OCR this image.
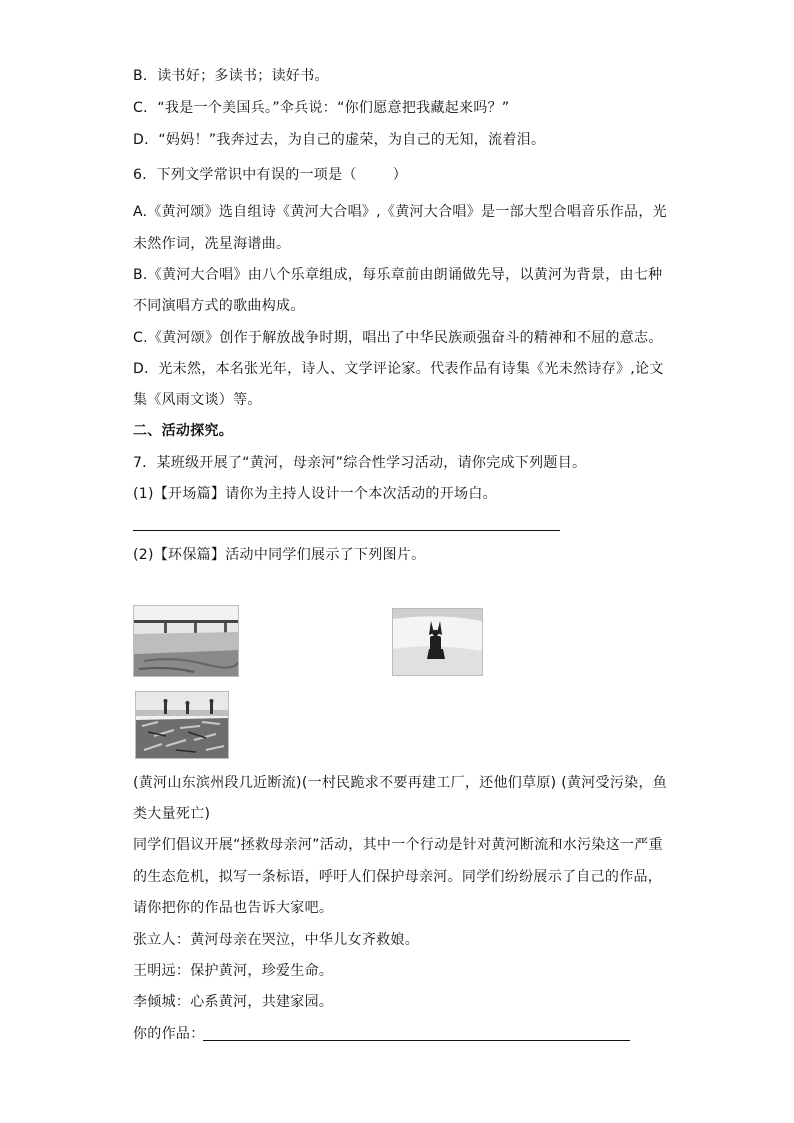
B．读书好；多读书；读好书。
C．“我是一个美国兵。”伞兵说：“你们愿意把我藏起来吗？”
D．“妈妈！”我奔过去，为自己的虚荣，为自己的无知，流着泪。
6．下列文学常识中有误的一项是（	）
A.《黄河颂》选自组诗《黄河大合唱》,《黄河大合唱》是一部大型合唱音乐作品，光
未然作词，冼星海谱曲。
B.《黄河大合唱》由八个乐章组成，每乐章前由朗诵做先导，以黄河为背景，由七种
不同演唱方式的歌曲构成。
C.《黄河颂》创作于解放战争时期，唱出了中华民族顽强奋斗的精神和不屈的意志。
D．光未然，本名张光年，诗人、文学评论家。代表作品有诗集《光未然诗存》,论文
集《风雨文谈）等。
二、活动探究。
7．某班级开展了“黄河，母亲河”综合性学习活动，请你完成下列题目。
(1)【开场篇】请你为主持人设计一个本次活动的开场白。
(2)【环保篇】活动中同学们展示了下列图片。
(黄河山东滨州段几近断流)(一村民跪求不要再建工厂，还他们草原) (黄河受污染，鱼
类大量死亡)
同学们倡议开展“拯救母亲河”活动，其中一个行动是针对黄河断流和水污染这一严重
的生态危机，拟写一条标语，呼吁人们保护母亲河。同学们纷纷展示了自己的作品，
请你把你的作品也告诉大家吧。
张立人：黄河母亲在哭泣，中华儿女齐救娘。
王明远：保护黄河，珍爱生命。
李倾城：心系黄河，共建家园。
你的作品：
